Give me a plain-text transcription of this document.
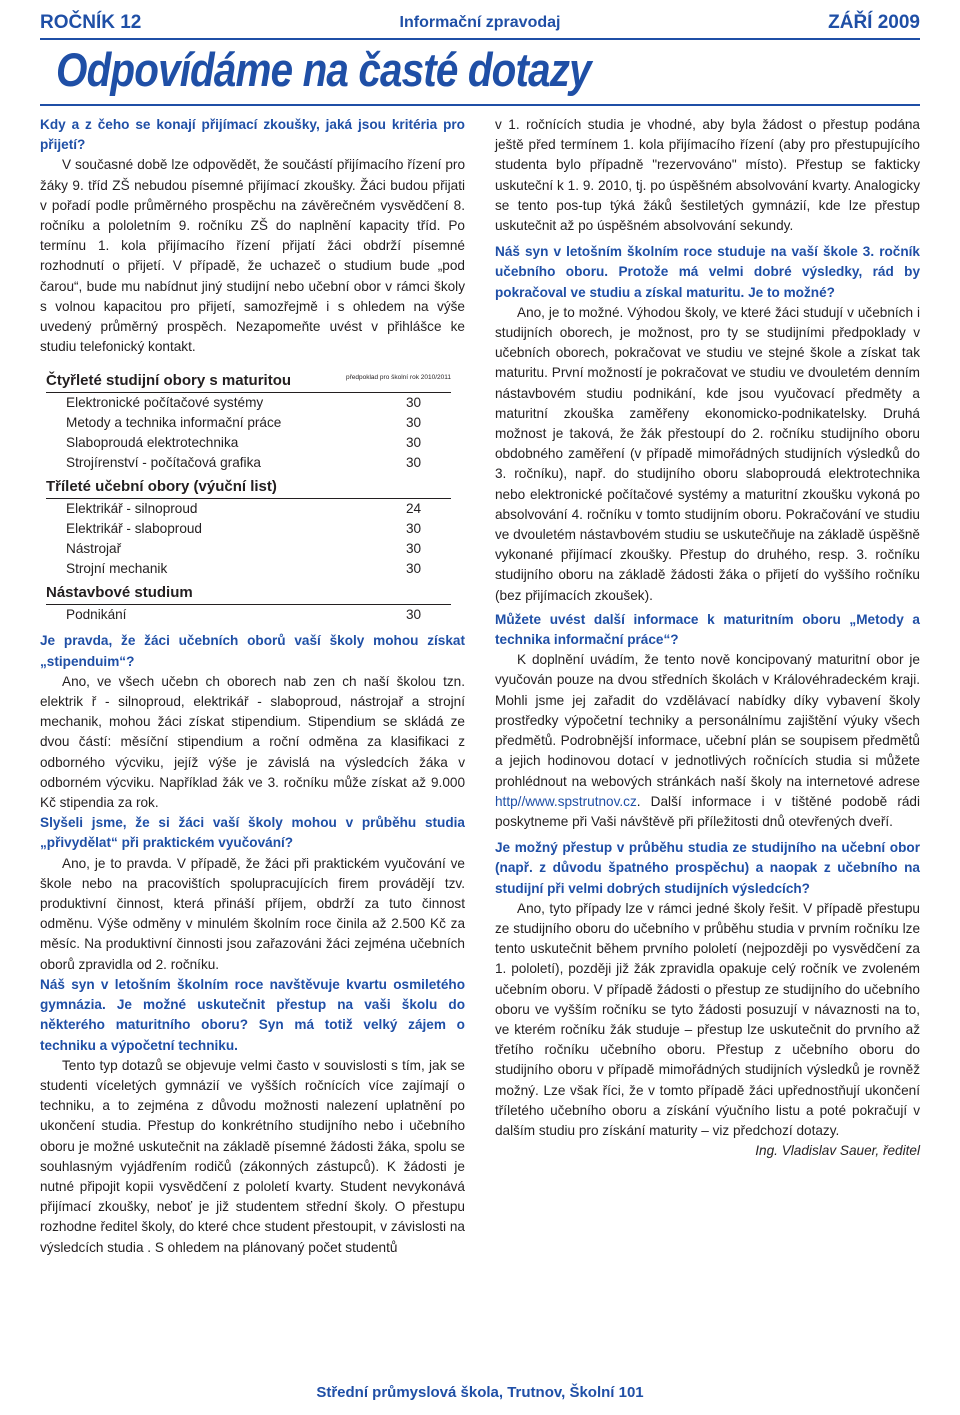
Informační zpravodaj
ROČNÍK 12	ZÁŘÍ 2009
Odpovídáme na časté dotazy

Kdy a z čeho se konají přijímací zkoušky, jaká jsou kritéria pro přijetí?

V současné době lze odpovědět, že součástí přijímacího řízení pro žáky 9. tříd ZŠ nebudou písemné přijímací zkoušky. Žáci budou přijati v pořadí podle průměrného prospěchu na závěrečném vysvědčení 8. ročníku a pololetním 9. ročníku ZŠ do naplnění kapacity tříd. Po termínu 1. kola přijímacího řízení přijatí žáci obdrží písemné rozhodnutí o přijetí. V případě, že uchazeč o studium bude „pod čarou“, bude mu nabídnut jiný studijní nebo učební obor v rámci školy s volnou kapacitou pro přijetí, samozřejmě i s ohledem na výše uvedený průměrný prospěch. Nezapomeňte uvést v přihlášce ke studiu telefonický kontakt.

Čtyřleté studijní obory s maturitou	předpoklad pro školní rok 2010/2011
Elektronické počítačové systémy	30
Metody a technika informační práce	30
Slaboproudá elektrotechnika	30
Strojírenství - počítačová grafika	30
Tříleté učební obory (výuční list)
Elektrikář - silnoproud	24
Elektrikář - slaboproud	30
Nástrojař	30
Strojní mechanik	30
Nástavbové studium
Podnikání	30

Je pravda, že žáci učebních oborů vaší školy mohou získat „stipenduim“?

Ano, ve všech učebn ch oborech nab zen ch naší školou tzn. elektrik ř - silnoproud, elektrikář - slaboproud, nástrojař a strojní mechanik, mohou žáci získat stipendium. Stipendium se skládá ze dvou částí: měsíční stipendium a roční odměna za klasifikaci z odborného výcviku, jejíž výše je závislá na výsledcích žáka v odborném výcviku. Například žák ve 3. ročníku může získat až 9.000 Kč stipendia za rok.

Slyšeli jsme, že si žáci vaší školy mohou v průběhu studia „přivydělat“ při praktickém vyučování?

Ano, je to pravda. V případě, že žáci při praktickém vyučování ve škole nebo na pracovištích spolupracujících firem provádějí tzv. produktivní činnost, která přináší příjem, obdrží za tuto činnost odměnu. Výše odměny v minulém školním roce činila až 2.500 Kč za měsíc. Na produktivní činnosti jsou zařazováni žáci zejména učebních oborů zpravidla od 2. ročníku.

Náš syn v letošním školním roce navštěvuje kvartu osmiletého gymnázia. Je možné uskutečnit přestup na vaši školu do některého maturitního oboru? Syn má totiž velký zájem o techniku a výpočetní techniku.

Tento typ dotazů se objevuje velmi často v souvislosti s tím, jak se studenti víceletých gymnázií ve vyšších ročnících více zajímají o techniku, a to zejména z důvodu možnosti nalezení uplatnění po ukončení studia. Přestup do konkrétního studijního nebo i učebního oboru je možné uskutečnit na základě písemné žádosti žáka, spolu se souhlasným vyjádřením rodičů (zákonných zástupců). K žádosti je nutné připojit kopii vysvědčení z pololetí kvarty. Student nevykonává přijímací zkoušky, neboť je již studentem střední školy. O přestupu rozhodne ředitel školy, do které chce student přestoupit, v závislosti na výsledcích studia . S ohledem na plánovaný počet studentů

v 1. ročnících studia je vhodné, aby byla žádost o přestup podána ještě před termínem 1. kola přijímacího řízení (aby pro přestupujícího studenta bylo případně "rezervováno" místo). Přestup se fakticky uskuteční k 1. 9. 2010, tj. po úspěšném absolvování kvarty. Analogicky se tento pos-tup týká žáků šestiletých gymnázií, kde lze přestup uskutečnit až po úspěšném absolvování sekundy.

Náš syn v letošním školním roce studuje na vaší škole 3. ročník učebního oboru. Protože má velmi dobré výsledky, rád by pokračoval ve studiu a získal maturitu. Je to možné?

Ano, je to možné. Výhodou školy, ve které žáci studují v učebních i studijních oborech, je možnost, pro ty se studijními předpoklady v učebních oborech, pokračovat ve studiu ve stejné škole a získat tak maturitu. První možností je pokračovat ve studiu ve dvouletém denním nástavbovém studiu podnikání, kde jsou vyučovací předměty a maturitní zkouška zaměřeny ekonomicko-podnikatelsky. Druhá možnost je taková, že žák přestoupí do 2. ročníku studijního oboru obdobného zaměření (v případě mimořádných studijních výsledků do 3. ročníku), např. do studijního oboru slaboproudá elektrotechnika nebo elektronické počítačové systémy a maturitní zkoušku vykoná po absolvování 4. ročníku v tomto studijním oboru. Pokračování ve studiu ve dvouletém nástavbovém studiu se uskutečňuje na základě úspěšně vykonané přijímací zkoušky. Přestup do druhého, resp. 3. ročníku studijního oboru na základě žádosti žáka o přijetí do vyššího ročníku (bez přijímacích zkoušek).

Můžete uvést další informace k maturitním oboru „Metody a technika informační práce“?

K doplnění uvádím, že tento nově koncipovaný maturitní obor je vyučován pouze na dvou středních školách v Královéhradeckém kraji. Mohli jsme jej zařadit do vzdělávací nabídky díky vybavení školy prostředky výpočetní techniky a personálnímu zajištění výuky všech předmětů. Podrobnější informace, učební plán se soupisem předmětů a jejich hodinovou dotací v jednotlivých ročnících studia si můžete prohlédnout na webových stránkách naší školy na internetové adrese http//www.spstrutnov.cz. Další informace i v tištěné podobě rádi poskytneme při Vaši návštěvě při příležitosti dnů otevřených dveří.

Je možný přestup v průběhu studia ze studijního na učební obor (např. z důvodu špatného prospěchu) a naopak z učebního na studijní při velmi dobrých studijních výsledcích?

Ano, tyto případy lze v rámci jedné školy řešit. V případě přestupu ze studijního oboru do učebního v průběhu studia v prvním ročníku lze tento uskutečnit během prvního pololetí (nejpozději po vysvědčení za 1. pololetí), později již žák zpravidla opakuje celý ročník ve zvoleném učebním oboru. V případě žádosti o přestup ze studijního do učebního oboru ve vyšším ročníku se tyto žádosti posuzují v návaznosti na to, ve kterém ročníku žák studuje – přestup lze uskutečnit do prvního až třetího ročníku učebního oboru. Přestup z učebního oboru do studijního oboru v případě mimořádných studijních výsledků je rovněž možný. Lze však říci, že v tomto případě žáci upřednostňují ukončení tříletého učebního oboru a získání výučního listu a poté pokračují v dalším studiu pro získání maturity – viz předchozí dotazy.

Ing. Vladislav Sauer, ředitel

Střední průmyslová škola, Trutnov, Školní 101
